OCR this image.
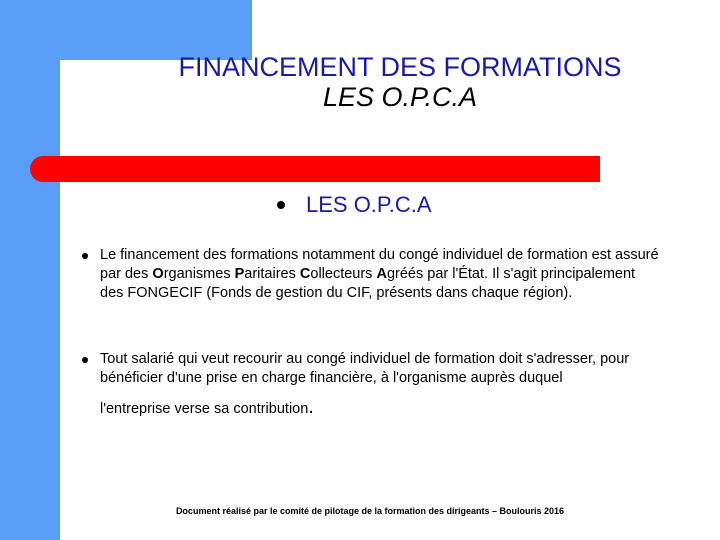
FINANCEMENT DES FORMATIONS
LES O.P.C.A
LES O.P.C.A
Le financement des formations notamment du congé individuel de formation est assuré par des Organismes Paritaires Collecteurs Agréés par l'État. Il s'agit principalement des FONGECIF (Fonds de gestion du CIF, présents dans chaque région).
Tout salarié qui veut recourir au congé individuel de formation doit s'adresser, pour bénéficier d'une prise en charge financière, à l'organisme auprès duquel
l'entreprise verse sa contribution.
Document réalisé par le comité de pilotage de la formation des dirigeants – Boulouris 2016
